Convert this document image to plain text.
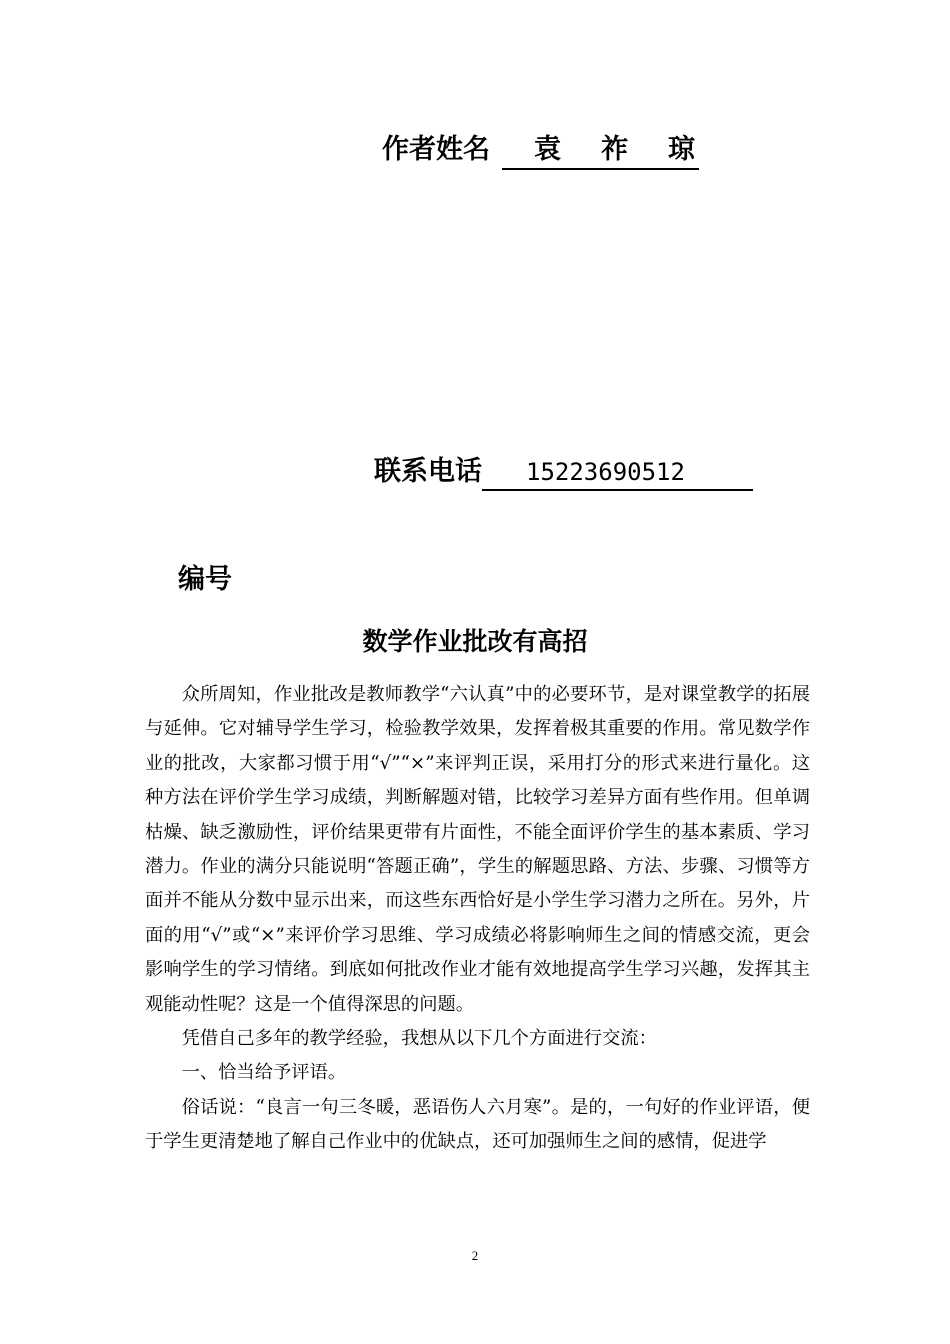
作者姓名 袁祚琼
联系电话 15223690512
编号
数学作业批改有高招

众所周知，作业批改是教师教学“六认真”中的必要环节，是对课堂教学的拓展与延伸。它对辅导学生学习，检验教学效果，发挥着极其重要的作用。常见数学作业的批改，大家都习惯于用“√”“×”来评判正误，采用打分的形式来进行量化。这种方法在评价学生学习成绩，判断解题对错，比较学习差异方面有些作用。但单调枯燥、缺乏激励性，评价结果更带有片面性，不能全面评价学生的基本素质、学习潜力。作业的满分只能说明“答题正确”，学生的解题思路、方法、步骤、习惯等方面并不能从分数中显示出来，而这些东西恰好是小学生学习潜力之所在。另外，片面的用“√”或“×”来评价学习思维、学习成绩必将影响师生之间的情感交流，更会影响学生的学习情绪。到底如何批改作业才能有效地提高学生学习兴趣，发挥其主观能动性呢？这是一个值得深思的问题。

凭借自己多年的教学经验，我想从以下几个方面进行交流：

一、恰当给予评语。

俗话说：“良言一句三冬暖，恶语伤人六月寒”。是的，一句好的作业评语，便于学生更清楚地了解自己作业中的优缺点，还可加强师生之间的感情，促进学

2
